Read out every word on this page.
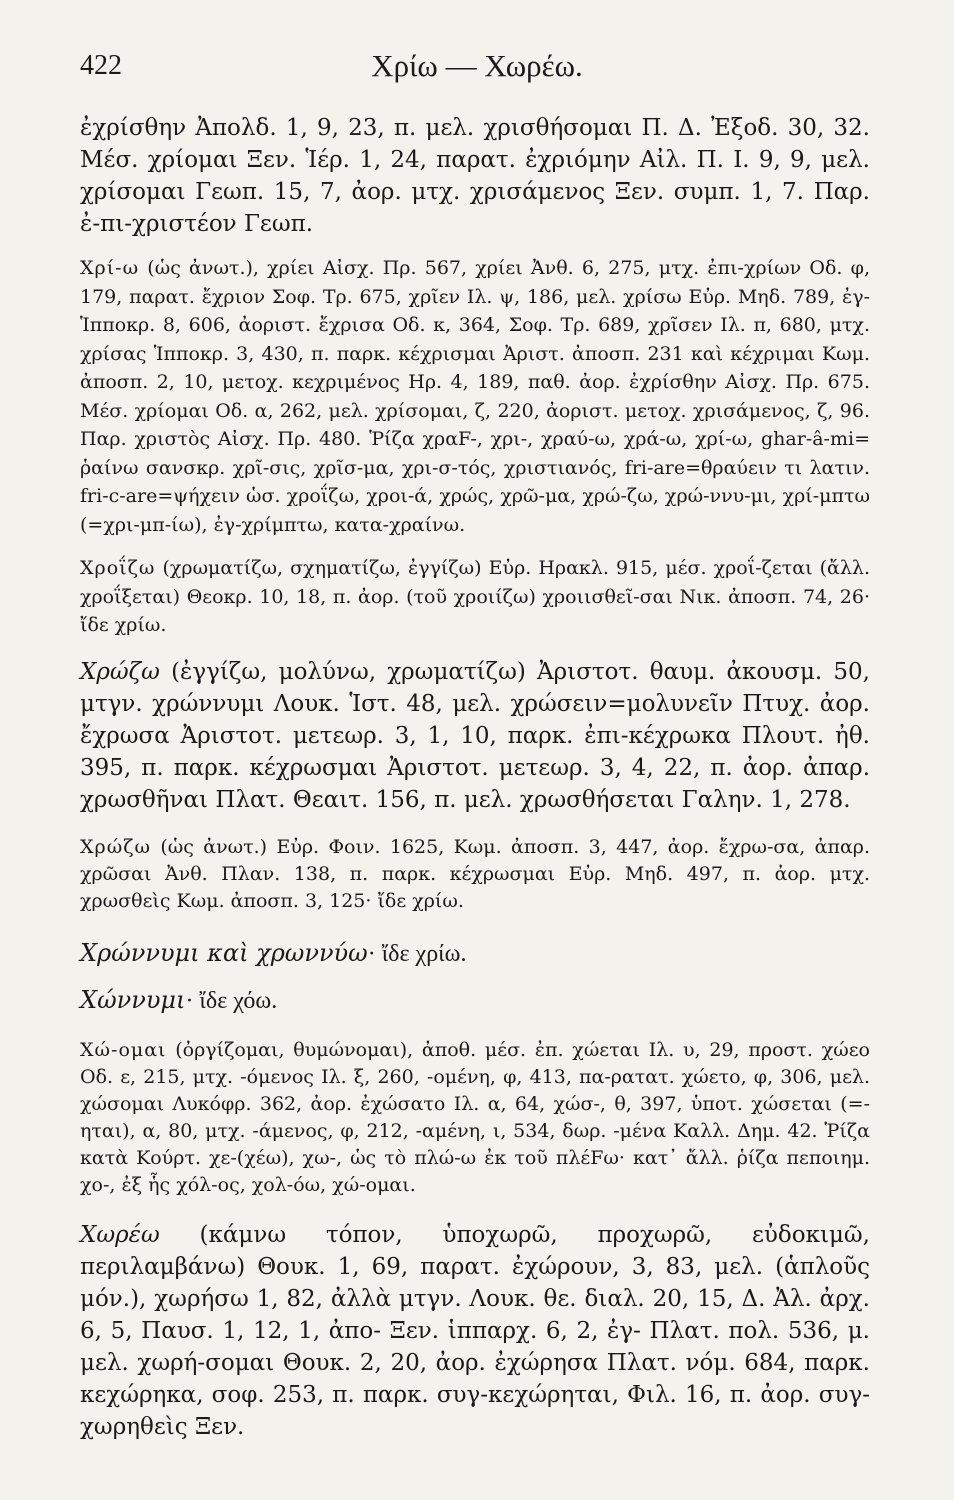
422	Χρίω — Χωρέω.

ἐχρίσθην Ἀπολδ. 1, 9, 23, π. μελ. χρισθήσομαι Π. Δ. Ἐξοδ. 30, 32. Μέσ. χρίομαι Ξεν. Ἱέρ. 1, 24, παρατ. ἐχριόμην Αἰλ. Π. Ι. 9, 9, μελ. χρίσομαι Γεωπ. 15, 7, ἀορ. μτχ. χρισάμενος Ξεν. συμπ. 1, 7. Παρ. ἐ-πι-χριστέον Γεωπ.

Χρί-ω (ὡς ἀνωτ.), χρίει Αἰσχ. Πρ. 567, χρίει Ἀνθ. 6, 275, μτχ. ἐπι-χρίων Οδ. φ, 179, παρατ. ἔχριον Σοφ. Τρ. 675, χρῖεν Ιλ. ψ, 186, μελ. χρίσω Εὐρ. Μηδ. 789, ἐγ- Ἱπποκρ. 8, 606, ἀοριστ. ἔχρισα Οδ. κ, 364, Σοφ. Τρ. 689, χρῖσεν Ιλ. π, 680, μτχ. χρίσας Ἱπποκρ. 3, 430, π. παρκ. κέχρισμαι Ἀριστ. ἀποσπ. 231 καὶ κέχριμαι Κωμ. ἀποσπ. 2, 10, μετοχ. κεχριμένος Ηρ. 4, 189, παθ. ἀορ. ἐχρίσθην Αἰσχ. Πρ. 675. Μέσ. χρίομαι Οδ. α, 262, μελ. χρίσομαι, ζ, 220, ἀοριστ. μετοχ. χρισάμενος, ζ, 96. Παρ. χριστὸς Αἰσχ. Πρ. 480. Ῥίζα χραF-, χρι-, χραύ-ω, χρά-ω, χρί-ω, ghar-â-mi= ῥαίνω σανσκρ. χρῖ-σις, χρῖσ-μα, χρι-σ-τός, χριστιανός, fri-are=θραύειν τι λατιν. fri-c-are=ψήχειν ὡσ. χροΐζω, χροι-ά, χρώς, χρῶ-μα, χρώ-ζω, χρώ-ννυ-μι, χρί-μπτω (=χρι-μπ-ίω), ἐγ-χρίμπτω, κατα-χραίνω.

Χροΐζω (χρωματίζω, σχηματίζω, ἐγγίζω) Εὐρ. Ηρακλ. 915, μέσ. χροΐ-ζεται (ἄλλ. χροΐξεται) Θεοκρ. 10, 18, π. ἀορ. (τοῦ χροιίζω) χροιισθεῖ-σαι Νικ. ἀποσπ. 74, 26· ἴδε χρίω.

Χρώζω (ἐγγίζω, μολύνω, χρωματίζω) Ἀριστοτ. θαυμ. ἀκουσμ. 50, μτγν. χρώννυμι Λουκ. Ἱστ. 48, μελ. χρώσειν=μολυνεῖν Πτυχ. ἀορ. ἔχρωσα Ἀριστοτ. μετεωρ. 3, 1, 10, παρκ. ἐπι-κέχρωκα Πλουτ. ἠθ. 395, π. παρκ. κέχρωσμαι Ἀριστοτ. μετεωρ. 3, 4, 22, π. ἀορ. ἀπαρ. χρωσθῆναι Πλατ. Θεαιτ. 156, π. μελ. χρωσθήσεται Γαλην. 1, 278.

Χρώζω (ὡς ἀνωτ.) Εὐρ. Φοιν. 1625, Κωμ. ἀποσπ. 3, 447, ἀορ. ἔχρω-σα, ἀπαρ. χρῶσαι Ἀνθ. Πλαν. 138, π. παρκ. κέχρωσμαι Εὐρ. Μηδ. 497, π. ἀορ. μτχ. χρωσθεὶς Κωμ. ἀποσπ. 3, 125· ἴδε χρίω.

Χρώννυμι καὶ χρωννύω· ἴδε χρίω.

Χώννυμι· ἴδε χόω.

Χώ-ομαι (ὀργίζομαι, θυμώνομαι), ἀποθ. μέσ. ἐπ. χώεται Ιλ. υ, 29, προστ. χώεο Οδ. ε, 215, μτχ. -όμενος Ιλ. ξ, 260, -ομένη, φ, 413, πα-ρατατ. χώετο, φ, 306, μελ. χώσομαι Λυκόφρ. 362, ἀορ. ἐχώσατο Ιλ. α, 64, χώσ-, θ, 397, ὑποτ. χώσεται (=-ηται), α, 80, μτχ. -άμενος, φ, 212, -αμένη, ι, 534, δωρ. -μένα Καλλ. Δημ. 42. Ῥίζα κατὰ Κούρτ. χε-(χέω), χω-, ὡς τὸ πλώ-ω ἐκ τοῦ πλέFω· κατ᾽ ἄλλ. ῥίζα πεποιημ. χο-, ἐξ ἧς χόλ-ος, χολ-όω, χώ-ομαι.

Χωρέω (κάμνω τόπον, ὑποχωρῶ, προχωρῶ, εὐδοκιμῶ, περιλαμβάνω) Θουκ. 1, 69, παρατ. ἐχώρουν, 3, 83, μελ. (ἁπλοῦς μόν.), χωρήσω 1, 82, ἀλλὰ μτγν. Λουκ. θε. διαλ. 20, 15, Δ. Ἀλ. ἀρχ. 6, 5, Παυσ. 1, 12, 1, ἀπο- Ξεν. ἱππαρχ. 6, 2, ἐγ- Πλατ. πολ. 536, μ. μελ. χωρή-σομαι Θουκ. 2, 20, ἀορ. ἐχώρησα Πλατ. νόμ. 684, παρκ. κεχώρηκα, σοφ. 253, π. παρκ. συγ-κεχώρηται, Φιλ. 16, π. ἀορ. συγ-χωρηθεὶς Ξεν.
